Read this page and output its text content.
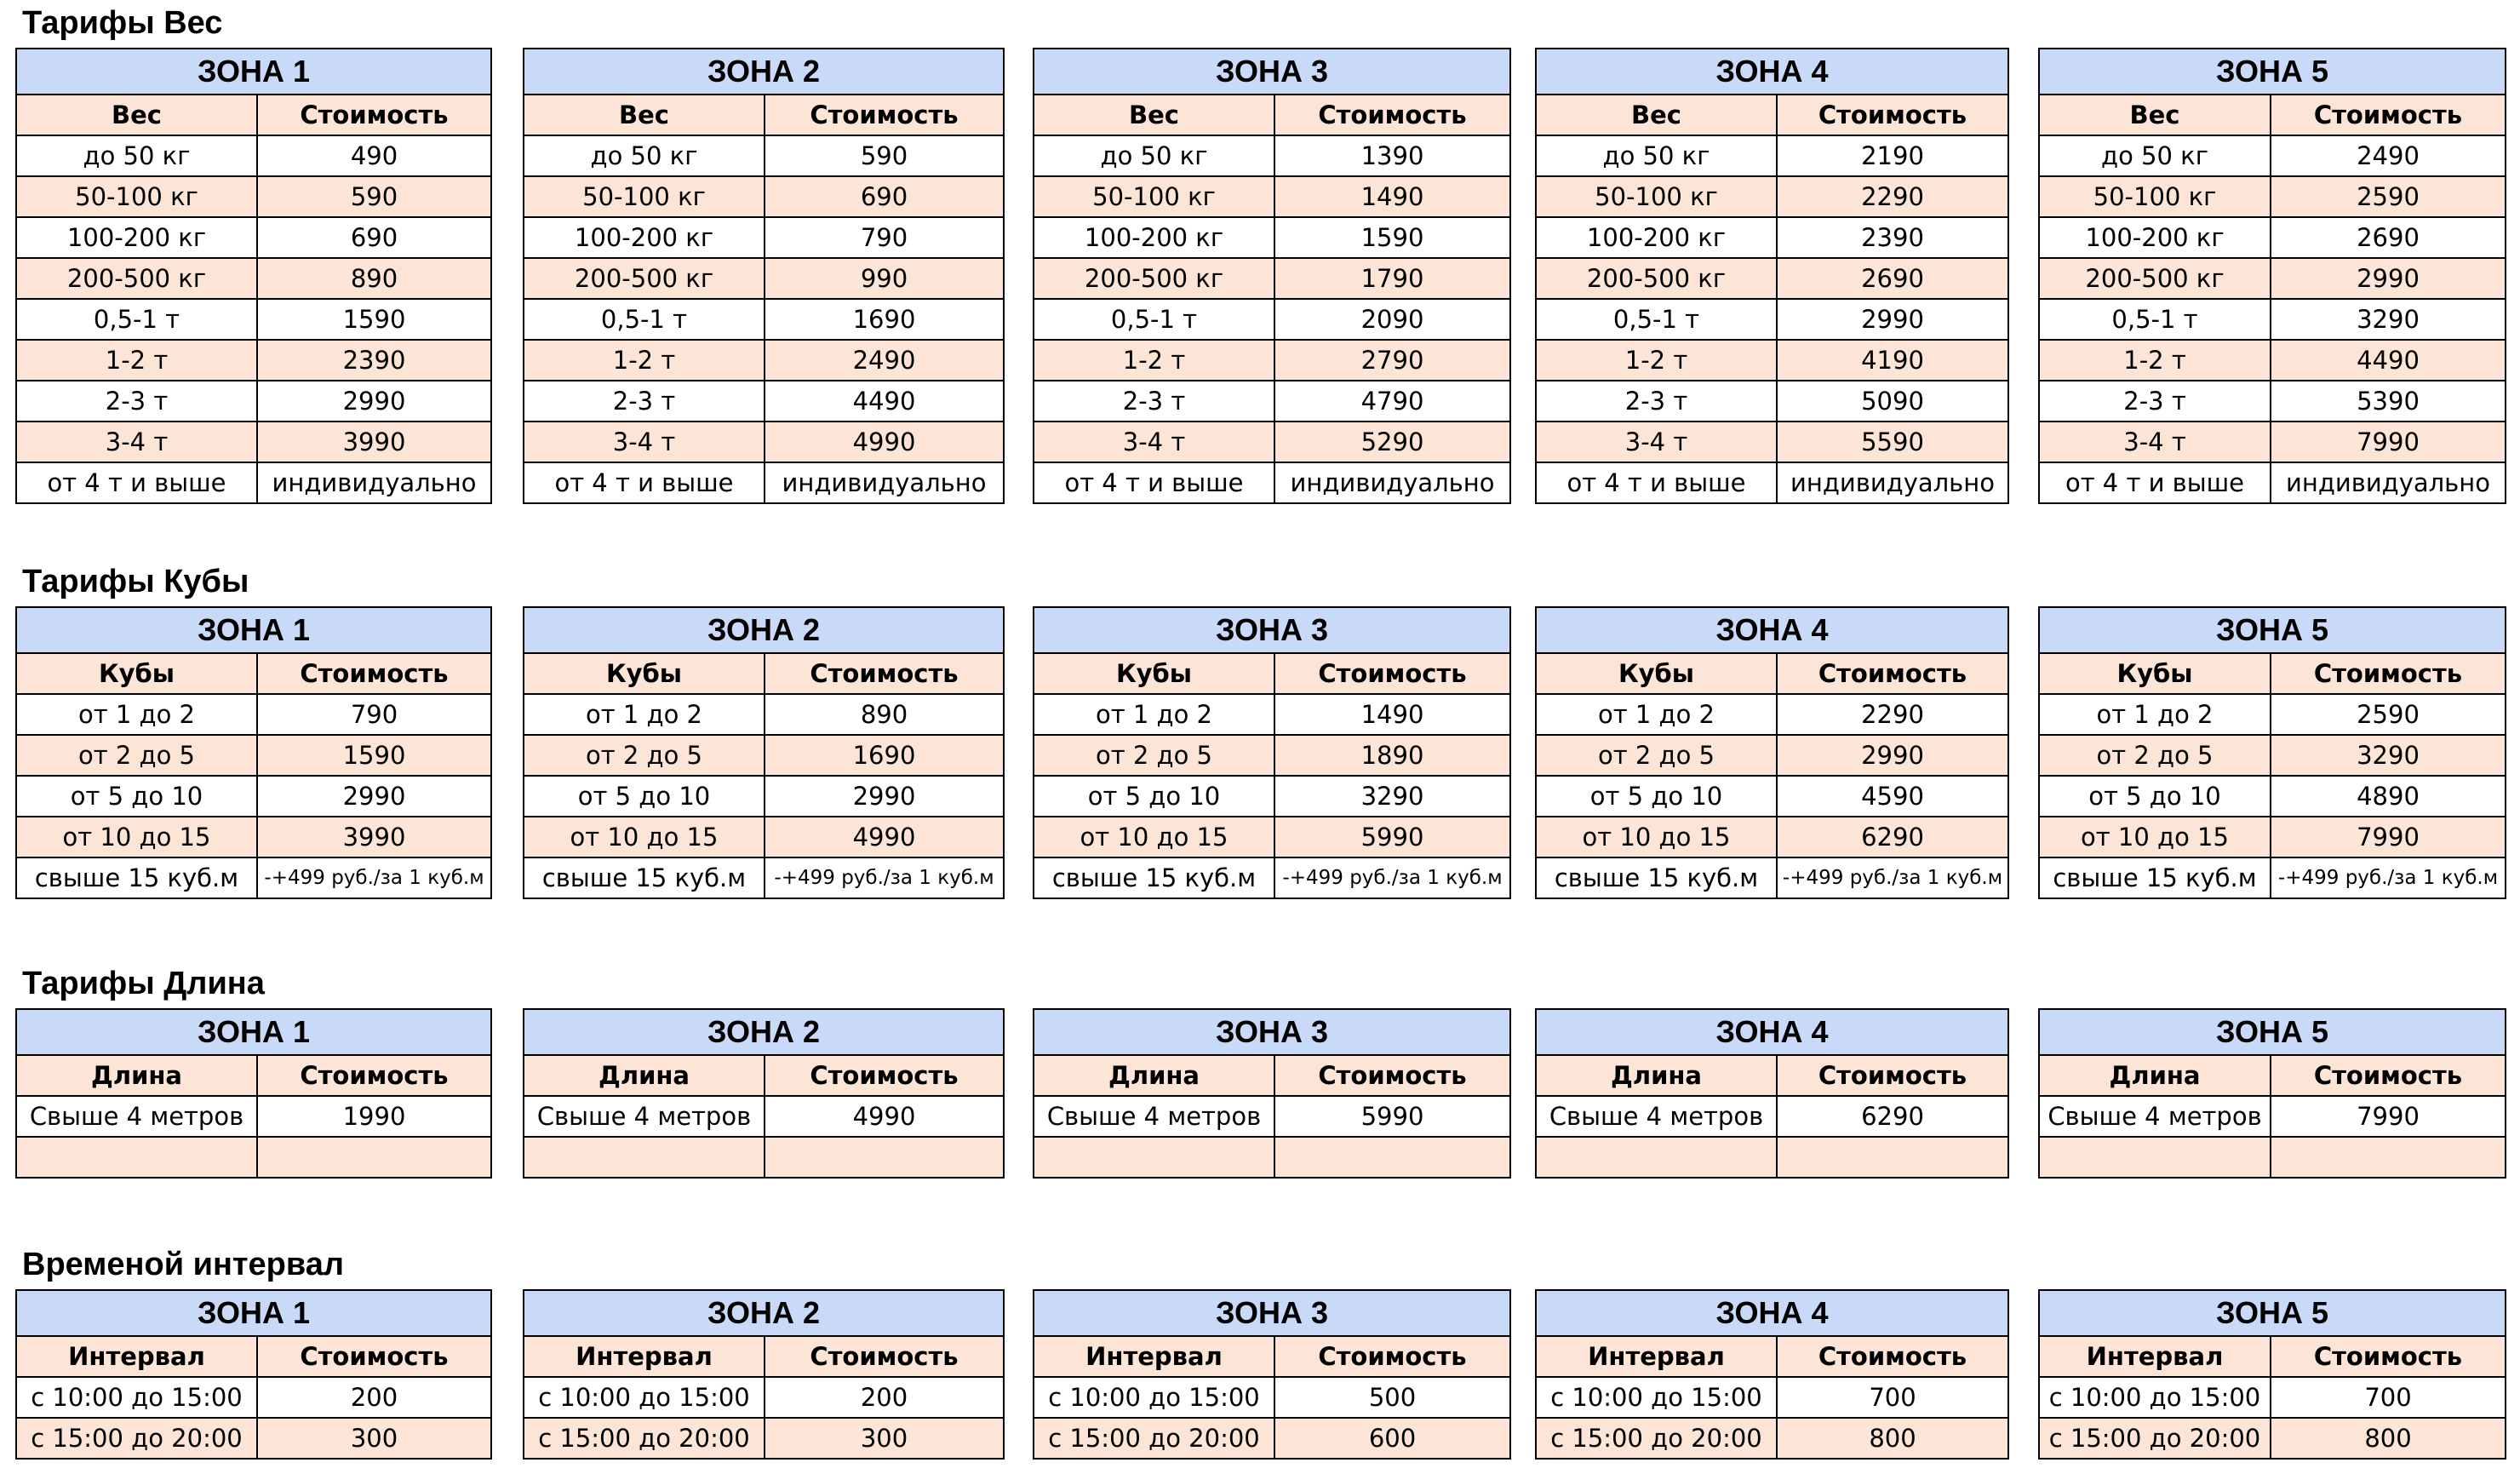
Тарифы Вес
ЗОНА 1	
Вес	Стоимость
до 50 кг	490
50-100 кг	590
100-200 кг	690
200-500 кг	890
0,5-1 т	1590
1-2 т	2390
2-3 т	2990
3-4 т	3990
от 4 т и выше	индивидуально
ЗОНА 2	
Вес	Стоимость
до 50 кг	590
50-100 кг	690
100-200 кг	790
200-500 кг	990
0,5-1 т	1690
1-2 т	2490
2-3 т	4490
3-4 т	4990
от 4 т и выше	индивидуально
ЗОНА 3	
Вес	Стоимость
до 50 кг	1390
50-100 кг	1490
100-200 кг	1590
200-500 кг	1790
0,5-1 т	2090
1-2 т	2790
2-3 т	4790
3-4 т	5290
от 4 т и выше	индивидуально
ЗОНА 4	
Вес	Стоимость
до 50 кг	2190
50-100 кг	2290
100-200 кг	2390
200-500 кг	2690
0,5-1 т	2990
1-2 т	4190
2-3 т	5090
3-4 т	5590
от 4 т и выше	индивидуально
ЗОНА 5	
Вес	Стоимость
до 50 кг	2490
50-100 кг	2590
100-200 кг	2690
200-500 кг	2990
0,5-1 т	3290
1-2 т	4490
2-3 т	5390
3-4 т	7990
от 4 т и выше	индивидуально
Тарифы Кубы
ЗОНА 1	
Кубы	Стоимость
от 1 до 2	790
от 2 до 5	1590
от 5 до 10	2990
от 10 до 15	3990
свыше 15 куб.м	-+499 руб./за 1 куб.м
ЗОНА 2	
Кубы	Стоимость
от 1 до 2	890
от 2 до 5	1690
от 5 до 10	2990
от 10 до 15	4990
свыше 15 куб.м	-+499 руб./за 1 куб.м
ЗОНА 3	
Кубы	Стоимость
от 1 до 2	1490
от 2 до 5	1890
от 5 до 10	3290
от 10 до 15	5990
свыше 15 куб.м	-+499 руб./за 1 куб.м
ЗОНА 4	
Кубы	Стоимость
от 1 до 2	2290
от 2 до 5	2990
от 5 до 10	4590
от 10 до 15	6290
свыше 15 куб.м	-+499 руб./за 1 куб.м
ЗОНА 5	
Кубы	Стоимость
от 1 до 2	2590
от 2 до 5	3290
от 5 до 10	4890
от 10 до 15	7990
свыше 15 куб.м	-+499 руб./за 1 куб.м
Тарифы Длина
ЗОНА 1	
Длина	Стоимость
Свыше 4 метров	1990

ЗОНА 2	
Длина	Стоимость
Свыше 4 метров	4990

ЗОНА 3	
Длина	Стоимость
Свыше 4 метров	5990

ЗОНА 4	
Длина	Стоимость
Свыше 4 метров	6290

ЗОНА 5	
Длина	Стоимость
Свыше 4 метров	7990

Временой интервал
ЗОНА 1	
Интервал	Стоимость
с 10:00 до 15:00	200
с 15:00 до 20:00	300
ЗОНА 2	
Интервал	Стоимость
с 10:00 до 15:00	200
с 15:00 до 20:00	300
ЗОНА 3	
Интервал	Стоимость
с 10:00 до 15:00	500
с 15:00 до 20:00	600
ЗОНА 4	
Интервал	Стоимость
с 10:00 до 15:00	700
с 15:00 до 20:00	800
ЗОНА 5	
Интервал	Стоимость
с 10:00 до 15:00	700
с 15:00 до 20:00	800
